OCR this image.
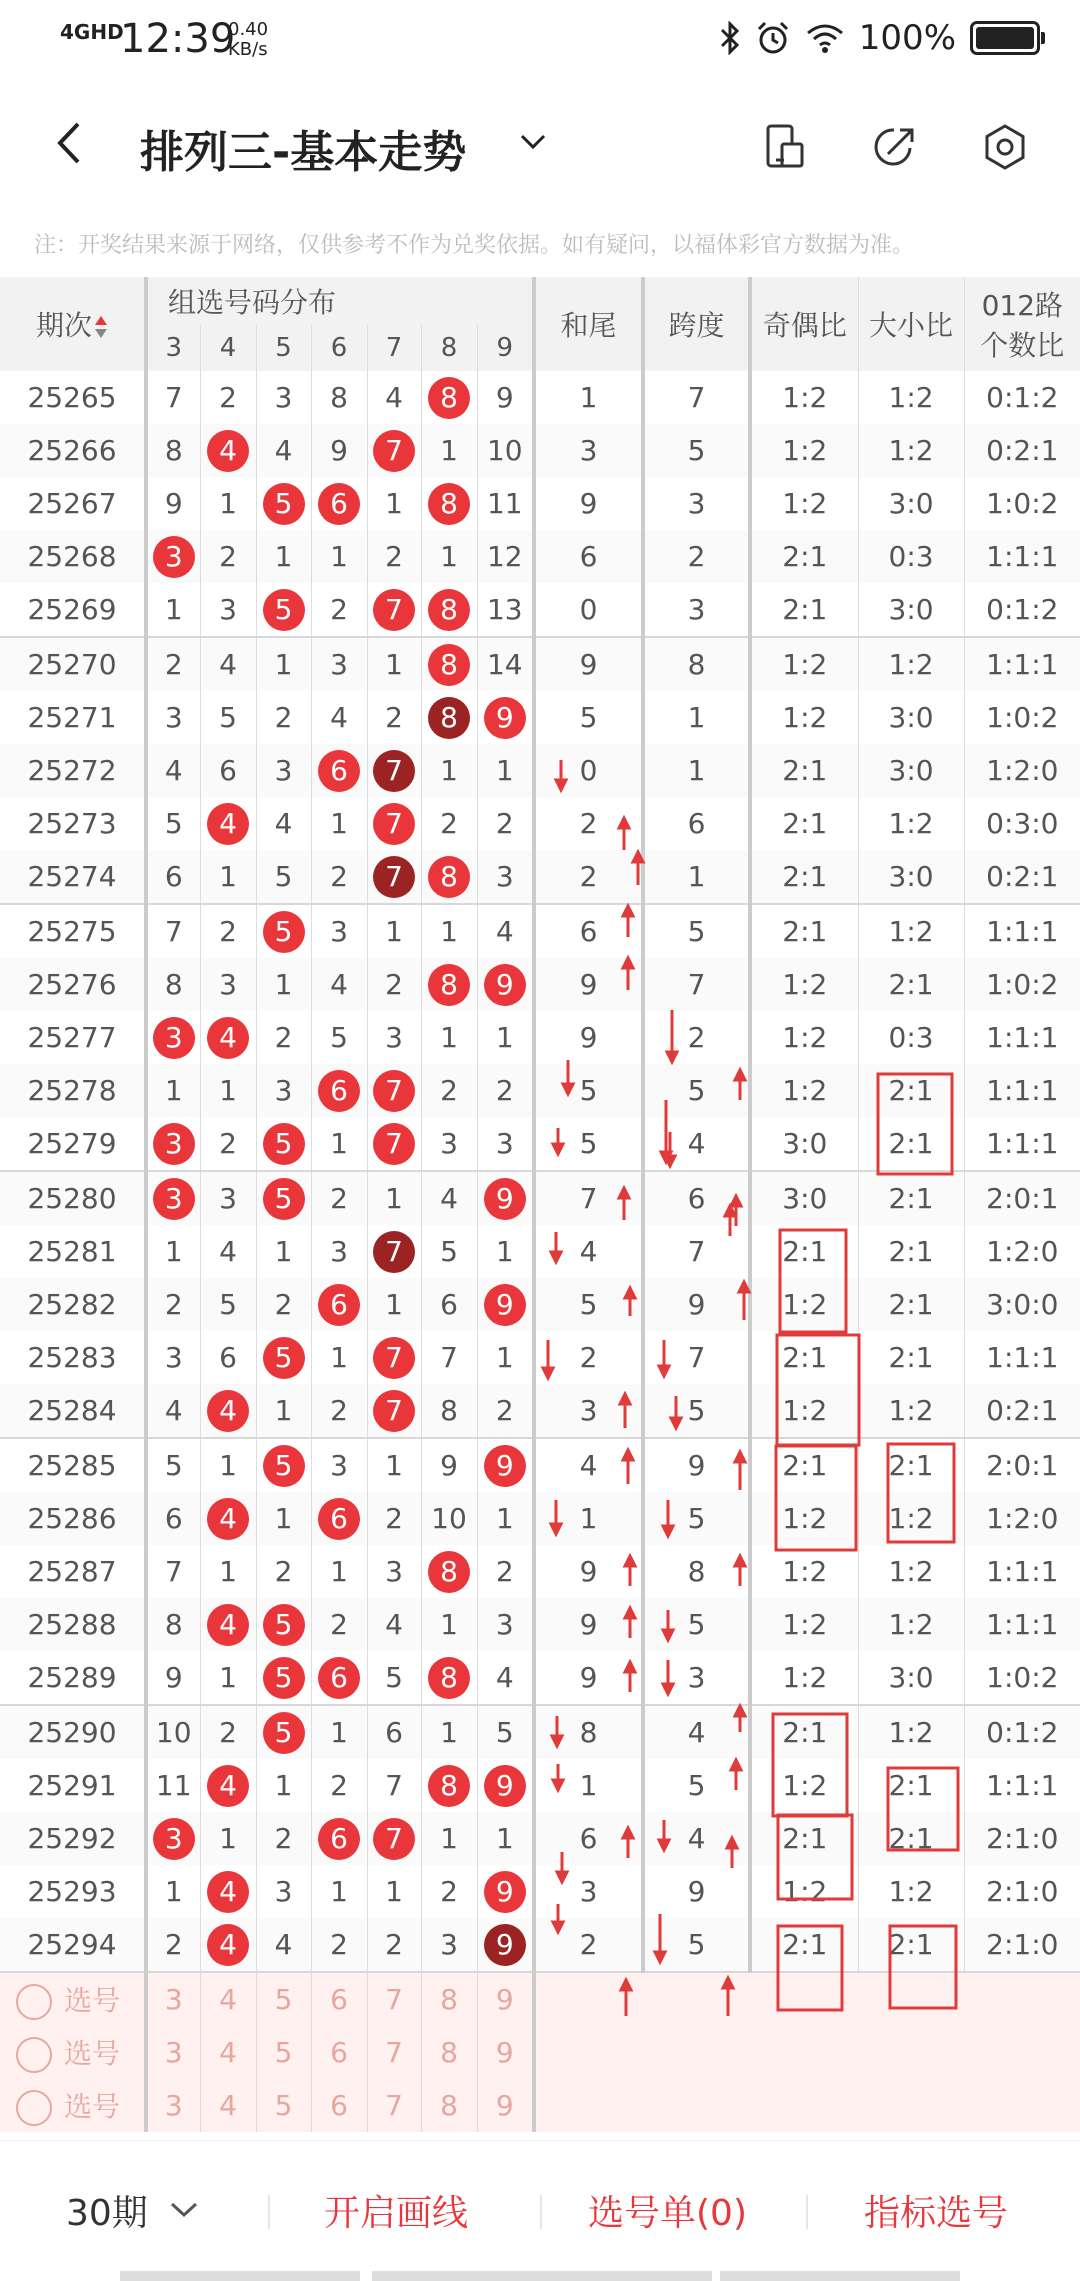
4GHD
12:39
0.40
KB/s	100%
排列三-基本走势
注：开奖结果来源于网络，仅供参考不作为兑奖依据。如有疑问，以福体彩官方数据为准。
期次	组选号码分布							和尾	跨度	奇偶比	大小比	012路
个数比
	3	4	5	6	7	8	9					
25265	7	2	3	8	4	8	9	1	7	1:2	1:2	0:1:2
25266	8	4	4	9	7	1	10	3	5	1:2	1:2	0:2:1
25267	9	1	5	6	1	8	11	9	3	1:2	3:0	1:0:2
25268	3	2	1	1	2	1	12	6	2	2:1	0:3	1:1:1
25269	1	3	5	2	7	8	13	0	3	2:1	3:0	0:1:2
25270	2	4	1	3	1	8	14	9	8	1:2	1:2	1:1:1
25271	3	5	2	4	2	8	9	5	1	1:2	3:0	1:0:2
25272	4	6	3	6	7	1	1	0	1	2:1	3:0	1:2:0
25273	5	4	4	1	7	2	2	2	6	2:1	1:2	0:3:0
25274	6	1	5	2	7	8	3	2	1	2:1	3:0	0:2:1
25275	7	2	5	3	1	1	4	6	5	2:1	1:2	1:1:1
25276	8	3	1	4	2	8	9	9	7	1:2	2:1	1:0:2
25277	3	4	2	5	3	1	1	9	2	1:2	0:3	1:1:1
25278	1	1	3	6	7	2	2	5	5	1:2	2:1	1:1:1
25279	3	2	5	1	7	3	3	5	4	3:0	2:1	1:1:1
25280	3	3	5	2	1	4	9	7	6	3:0	2:1	2:0:1
25281	1	4	1	3	7	5	1	4	7	2:1	2:1	1:2:0
25282	2	5	2	6	1	6	9	5	9	1:2	2:1	3:0:0
25283	3	6	5	1	7	7	1	2	7	2:1	2:1	1:1:1
25284	4	4	1	2	7	8	2	3	5	1:2	1:2	0:2:1
25285	5	1	5	3	1	9	9	4	9	2:1	2:1	2:0:1
25286	6	4	1	6	2	10	1	1	5	1:2	1:2	1:2:0
25287	7	1	2	1	3	8	2	9	8	1:2	1:2	1:1:1
25288	8	4	5	2	4	1	3	9	5	1:2	1:2	1:1:1
25289	9	1	5	6	5	8	4	9	3	1:2	3:0	1:0:2
25290	10	2	5	1	6	1	5	8	4	2:1	1:2	0:1:2
25291	11	4	1	2	7	8	9	1	5	1:2	2:1	1:1:1
25292	3	1	2	6	7	1	1	6	4	2:1	2:1	2:1:0
25293	1	4	3	1	1	2	9	3	9	1:2	1:2	2:1:0
25294	2	4	4	2	2	3	9	2	5	2:1	2:1	2:1:0
选号	3	4	5	6	7	8	9					
选号	3	4	5	6	7	8	9					
选号	3	4	5	6	7	8	9					
30期	开启画线	选号单(0)	指标选号
